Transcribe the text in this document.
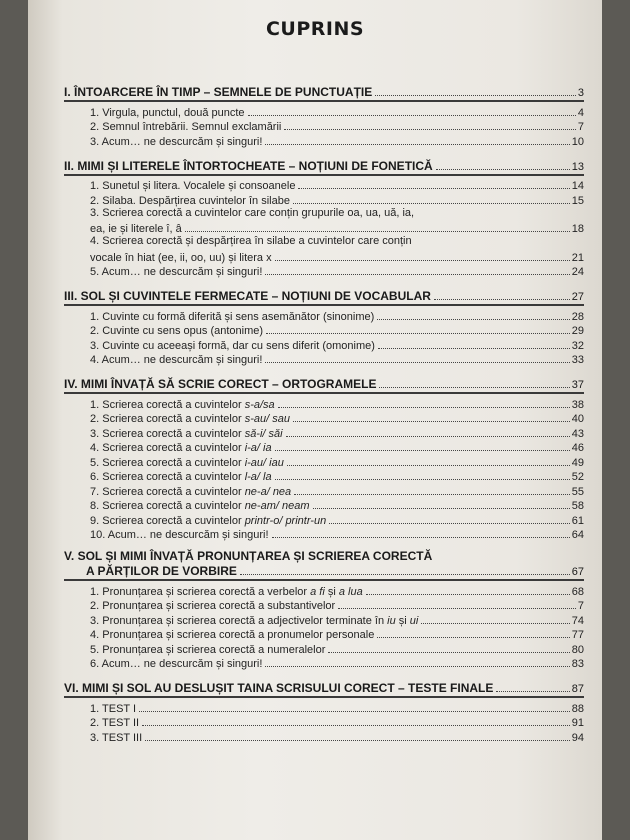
CUPRINS
I. ÎNTOARCERE ÎN TIMP – SEMNELE DE PUNCTUAȚIE	3
1. Virgula, punctul, două puncte	4
2. Semnul întrebării. Semnul exclamării	7
3. Acum… ne descurcăm și singuri!	10
II. MIMI ȘI LITERELE ÎNTORTOCHEATE – NOȚIUNI DE FONETICĂ	13
1. Sunetul și litera. Vocalele și consoanele	14
2. Silaba. Despărțirea cuvintelor în silabe	15
3. Scrierea corectă a cuvintelor care conțin grupurile oa, ua, uă, ia,
ea, ie și literele î, â	18
4. Scrierea corectă și despărțirea în silabe a cuvintelor care conțin
vocale în hiat (ee, ii, oo, uu) și litera x	21
5. Acum… ne descurcăm și singuri!	24
III. SOL ȘI CUVINTELE FERMECATE – NOȚIUNI DE VOCABULAR	27
1. Cuvinte cu formă diferită și sens asemănător (sinonime)	28
2. Cuvinte cu sens opus (antonime)	29
3. Cuvinte cu aceeași formă, dar cu sens diferit (omonime)	32
4. Acum… ne descurcăm și singuri!	33
IV. MIMI ÎNVAȚĂ SĂ SCRIE CORECT – ORTOGRAMELE	37
1. Scrierea corectă a cuvintelor s-a/sa	38
2. Scrierea corectă a cuvintelor s-au/ sau	40
3. Scrierea corectă a cuvintelor să-i/ săi	43
4. Scrierea corectă a cuvintelor i-a/ ia	46
5. Scrierea corectă a cuvintelor i-au/ iau	49
6. Scrierea corectă a cuvintelor l-a/ la	52
7. Scrierea corectă a cuvintelor ne-a/ nea	55
8. Scrierea corectă a cuvintelor ne-am/ neam	58
9. Scrierea corectă a cuvintelor printr-o/ printr-un	61
10. Acum… ne descurcăm și singuri!	64
V. SOL ȘI MIMI ÎNVAȚĂ PRONUNȚAREA ȘI SCRIEREA CORECTĂ
A PĂRȚILOR DE VORBIRE	67
1. Pronunțarea și scrierea corectă a verbelor a fi și a lua	68
2. Pronunțarea și scrierea corectă a substantivelor	7
3. Pronunțarea și scrierea corectă a adjectivelor terminate în iu și ui	74
4. Pronunțarea și scrierea corectă a pronumelor personale	77
5. Pronunțarea și scrierea corectă a numeralelor	80
6. Acum… ne descurcăm și singuri!	83
VI. MIMI ȘI SOL AU DESLUȘIT TAINA SCRISULUI CORECT – TESTE FINALE	87
1. TEST I	88
2. TEST II	91
3. TEST III	94
